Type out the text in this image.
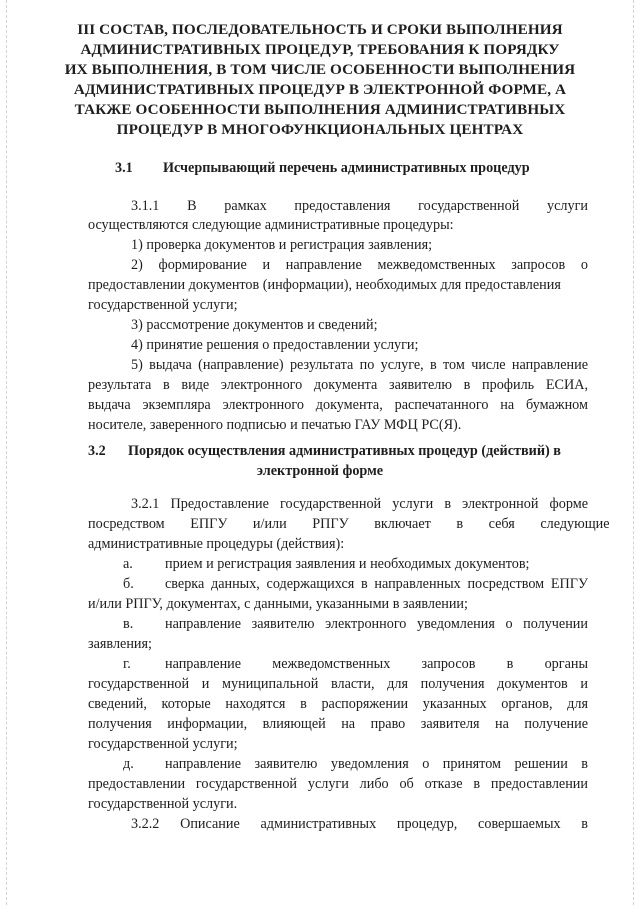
III СОСТАВ, ПОСЛЕДОВАТЕЛЬНОСТЬ И СРОКИ ВЫПОЛНЕНИЯ

АДМИНИСТРАТИВНЫХ ПРОЦЕДУР, ТРЕБОВАНИЯ К ПОРЯДКУ

ИХ ВЫПОЛНЕНИЯ, В ТОМ ЧИСЛЕ ОСОБЕННОСТИ ВЫПОЛНЕНИЯ

АДМИНИСТРАТИВНЫХ ПРОЦЕДУР В ЭЛЕКТРОННОЙ ФОРМЕ, А

ТАКЖЕ ОСОБЕННОСТИ ВЫПОЛНЕНИЯ АДМИНИСТРАТИВНЫХ

ПРОЦЕДУР В МНОГОФУНКЦИОНАЛЬНЫХ ЦЕНТРАХ

3.1 Исчерпывающий перечень административных процедур

3.1.1 В рамках предоставления государственной услуги

осуществляются следующие административные процедуры:

1) проверка документов и регистрация заявления;

2) формирование и направление межведомственных запросов о

предоставлении документов (информации), необходимых для предоставления

государственной услуги;

3) рассмотрение документов и сведений;

4) принятие решения о предоставлении услуги;

5) выдача (направление) результата по услуге, в том числе направление

результата в виде электронного документа заявителю в профиль ЕСИА,

выдача экземпляра электронного документа, распечатанного на бумажном

носителе, заверенного подписью и печатью ГАУ МФЦ РС(Я).

3.2 Порядок осуществления административных процедур (действий) в

электронной форме

3.2.1 Предоставление государственной услуги в электронной форме

посредством ЕПГУ и/или РПГУ включает в себя следующие

административные процедуры (действия):

а. прием и регистрация заявления и необходимых документов;

б. сверка данных, содержащихся в направленных посредством ЕПГУ

и/или РПГУ, документах, с данными, указанными в заявлении;

в. направление заявителю электронного уведомления о получении

заявления;

г. направление межведомственных запросов в органы

государственной и муниципальной власти, для получения документов и

сведений, которые находятся в распоряжении указанных органов, для

получения информации, влияющей на право заявителя на получение

государственной услуги;

д. направление заявителю уведомления о принятом решении в

предоставлении государственной услуги либо об отказе в предоставлении

государственной услуги.

3.2.2 Описание административных процедур, совершаемых в
